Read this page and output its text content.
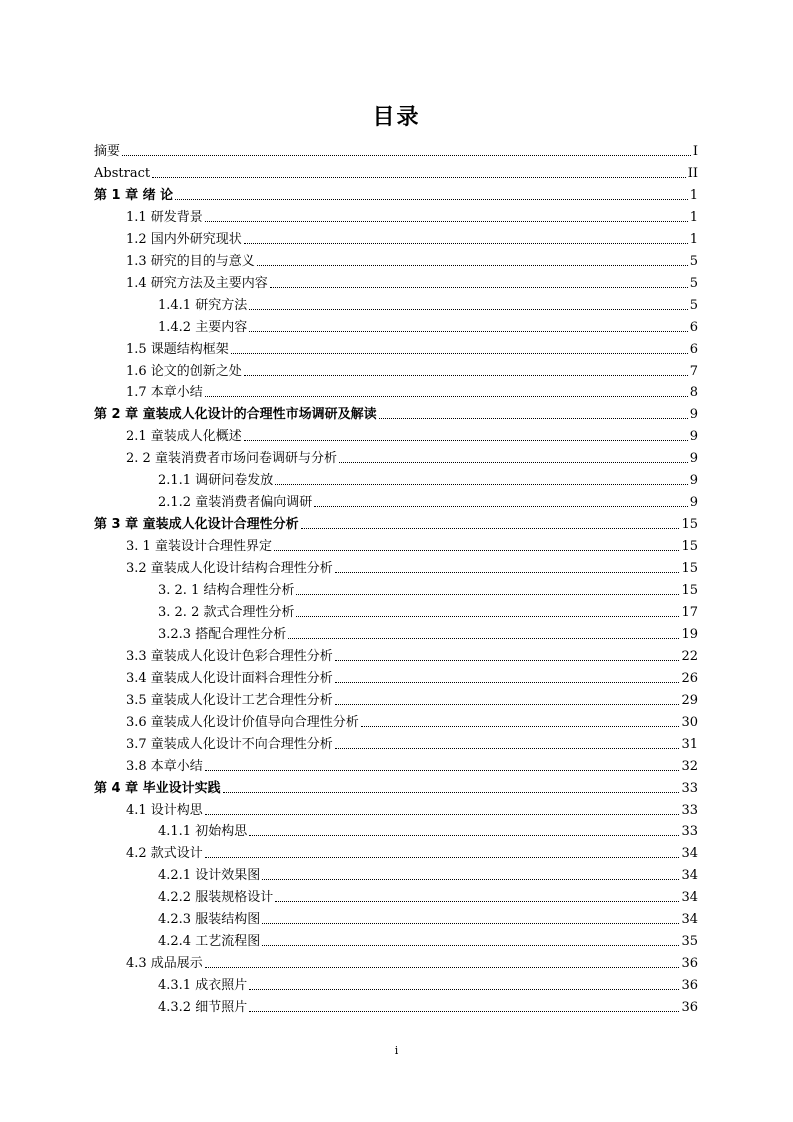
目录
摘要	I
Abstract	II
第 1 章 绪 论	1
1.1 研发背景	1
1.2 国内外研究现状	1
1.3 研究的目的与意义	5
1.4 研究方法及主要内容	5
1.4.1 研究方法	5
1.4.2 主要内容	6
1.5 课题结构框架	6
1.6 论文的创新之处	7
1.7 本章小结	8
第 2 章 童装成人化设计的合理性市场调研及解读	9
2.1 童装成人化概述	9
2. 2 童装消费者市场问卷调研与分析	9
2.1.1 调研问卷发放	9
2.1.2 童装消费者偏向调研	9
第 3 章 童装成人化设计合理性分析	15
3. 1 童装设计合理性界定	15
3.2 童装成人化设计结构合理性分析	15
3. 2. 1 结构合理性分析	15
3. 2. 2 款式合理性分析	17
3.2.3 搭配合理性分析	19
3.3 童装成人化设计色彩合理性分析	22
3.4 童装成人化设计面料合理性分析	26
3.5 童装成人化设计工艺合理性分析	29
3.6 童装成人化设计价值导向合理性分析	30
3.7 童装成人化设计不向合理性分析	31
3.8 本章小结	32
第 4 章 毕业设计实践	33
4.1 设计构思	33
4.1.1 初始构思	33
4.2 款式设计	34
4.2.1 设计效果图	34
4.2.2 服装规格设计	34
4.2.3 服装结构图	34
4.2.4 工艺流程图	35
4.3 成品展示	36
4.3.1 成衣照片	36
4.3.2 细节照片	36
i
